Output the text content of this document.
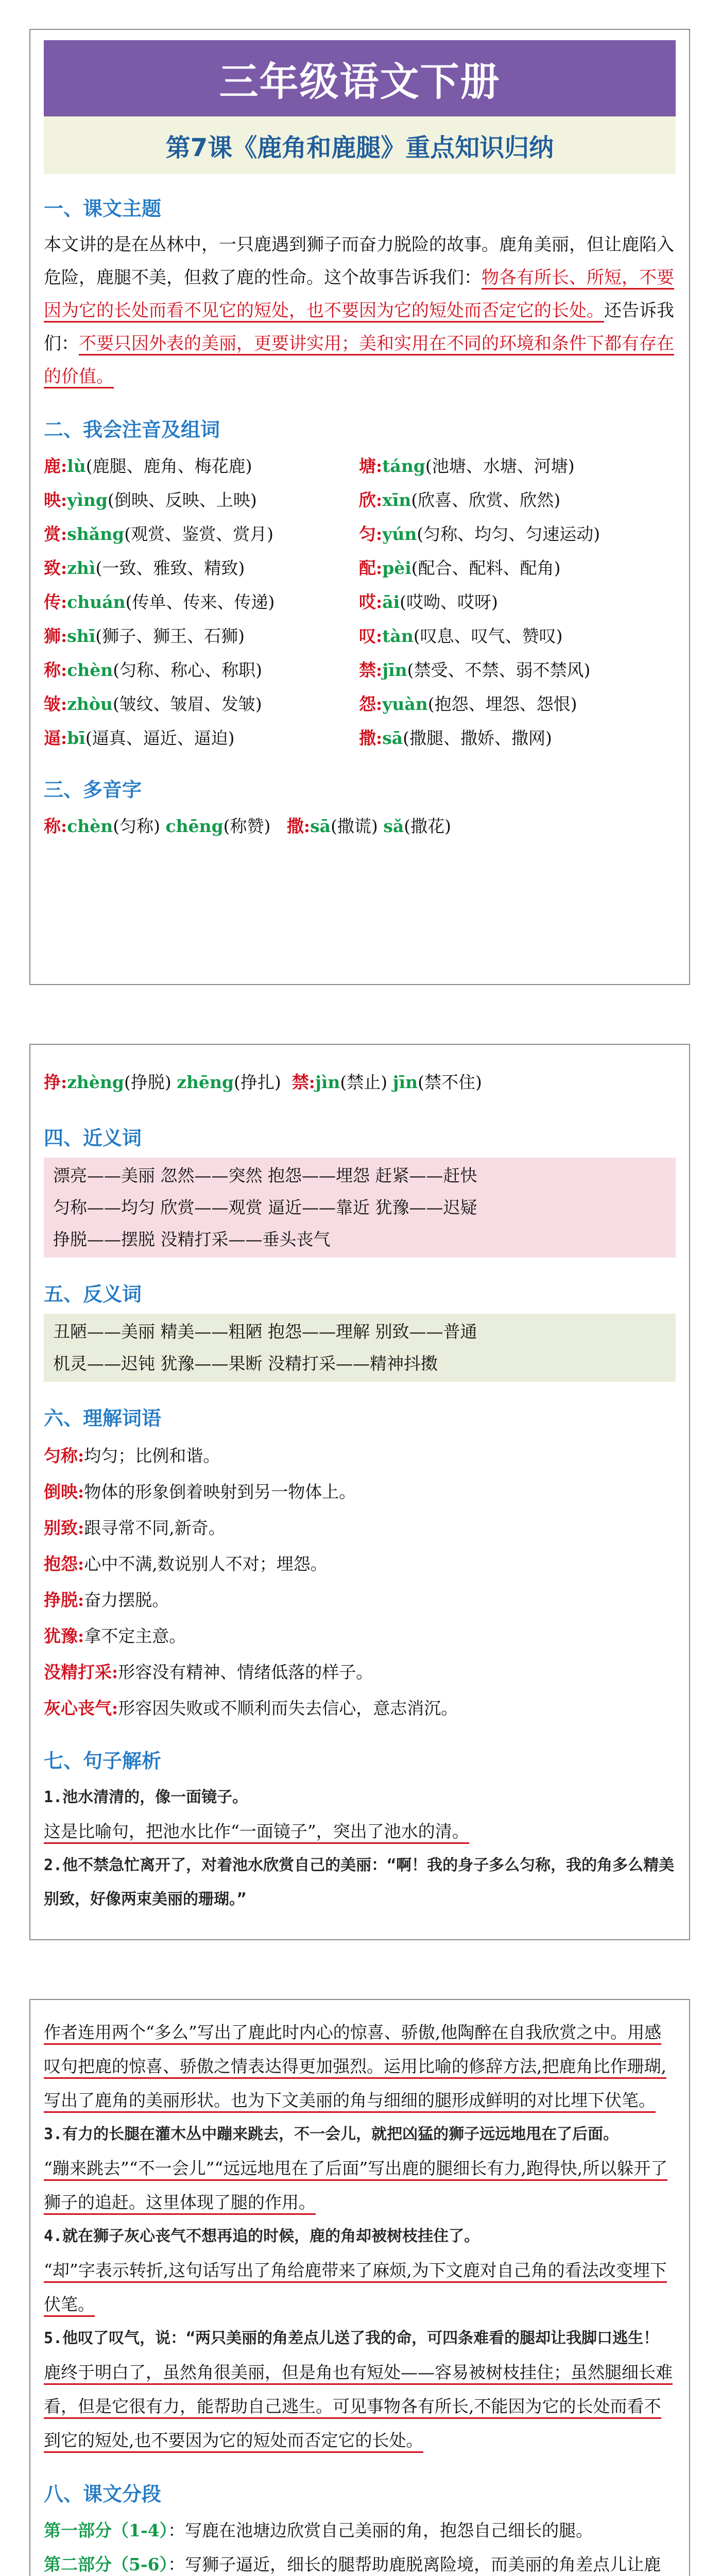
三年级语文下册
第7课《鹿角和鹿腿》重点知识归纳
一、课文主题

本文讲的是在丛林中，一只鹿遇到狮子而奋力脱险的故事。鹿角美丽，但让鹿陷入危险，鹿腿不美，但救了鹿的性命。这个故事告诉我们：物各有所长、所短，不要因为它的长处而看不见它的短处，也不要因为它的短处而否定它的长处。还告诉我们：不要只因外表的美丽，更要讲实用；美和实用在不同的环境和条件下都有存在的价值。

二、我会注音及组词
鹿:lù(鹿腿、鹿角、梅花鹿)	塘:táng(池塘、水塘、河塘)
映:yìng(倒映、反映、上映)	欣:xīn(欣喜、欣赏、欣然)
赏:shǎng(观赏、鉴赏、赏月)	匀:yún(匀称、均匀、匀速运动)
致:zhì(一致、雅致、精致)	配:pèi(配合、配料、配角)
传:chuán(传单、传来、传递)	哎:āi(哎呦、哎呀)
狮:shī(狮子、狮王、石狮)	叹:tàn(叹息、叹气、赞叹)
称:chèn(匀称、称心、称职)	禁:jīn(禁受、不禁、弱不禁风)
皱:zhòu(皱纹、皱眉、发皱)	怨:yuàn(抱怨、埋怨、怨恨)
逼:bī(逼真、逼近、逼迫)	撒:sā(撒腿、撒娇、撒网)
三、多音字
称:chèn(匀称) chēng(称赞) 撒:sā(撒谎) sǎ(撒花)
挣:zhèng(挣脱) zhēng(挣扎) 禁:jìn(禁止) jīn(禁不住)
四、近义词
漂亮——美丽 忽然——突然 抱怨——埋怨 赶紧——赶快
匀称——均匀 欣赏——观赏 逼近——靠近 犹豫——迟疑
挣脱——摆脱 没精打采——垂头丧气
五、反义词
丑陋——美丽 精美——粗陋 抱怨——理解 别致——普通
机灵——迟钝 犹豫——果断 没精打采——精神抖擞
六、理解词语
匀称:均匀；比例和谐。
倒映:物体的形象倒着映射到另一物体上。
别致:跟寻常不同,新奇。
抱怨:心中不满,数说别人不对；埋怨。
挣脱:奋力摆脱。
犹豫:拿不定主意。
没精打采:形容没有精神、情绪低落的样子。
灰心丧气:形容因失败或不顺利而失去信心，意志消沉。
七、句子解析
1.池水清清的，像一面镜子。
这是比喻句，把池水比作“一面镜子”，突出了池水的清。
2.他不禁急忙离开了，对着池水欣赏自己的美丽：“啊！我的身子多么匀称，我的角多么精美别致，好像两束美丽的珊瑚。”
作者连用两个“多么”写出了鹿此时内心的惊喜、骄傲,他陶醉在自我欣赏之中。用感叹句把鹿的惊喜、骄傲之情表达得更加强烈。运用比喻的修辞方法,把鹿角比作珊瑚,写出了鹿角的美丽形状。也为下文美丽的角与细细的腿形成鲜明的对比埋下伏笔。
3.有力的长腿在灌木丛中蹦来跳去，不一会儿，就把凶猛的狮子远远地甩在了后面。
“蹦来跳去”“不一会儿”“远远地甩在了后面”写出鹿的腿细长有力,跑得快,所以躲开了狮子的追赶。这里体现了腿的作用。
4.就在狮子灰心丧气不想再追的时候，鹿的角却被树枝挂住了。
“却”字表示转折,这句话写出了角给鹿带来了麻烦,为下文鹿对自己角的看法改变埋下伏笔。
5.他叹了叹气，说：“两只美丽的角差点儿送了我的命，可四条难看的腿却让我脚口逃生！
鹿终于明白了，虽然角很美丽，但是角也有短处——容易被树枝挂住；虽然腿细长难看，但是它很有力，能帮助自己逃生。可见事物各有所长,不能因为它的长处而看不到它的短处,也不要因为它的短处而否定它的长处。
八、课文分段
第一部分（1-4）：写鹿在池塘边欣赏自己美丽的角，抱怨自己细长的腿。
第二部分（5-6）：写狮子逼近，细长的腿帮助鹿脱离险境，而美丽的角差点儿让鹿
